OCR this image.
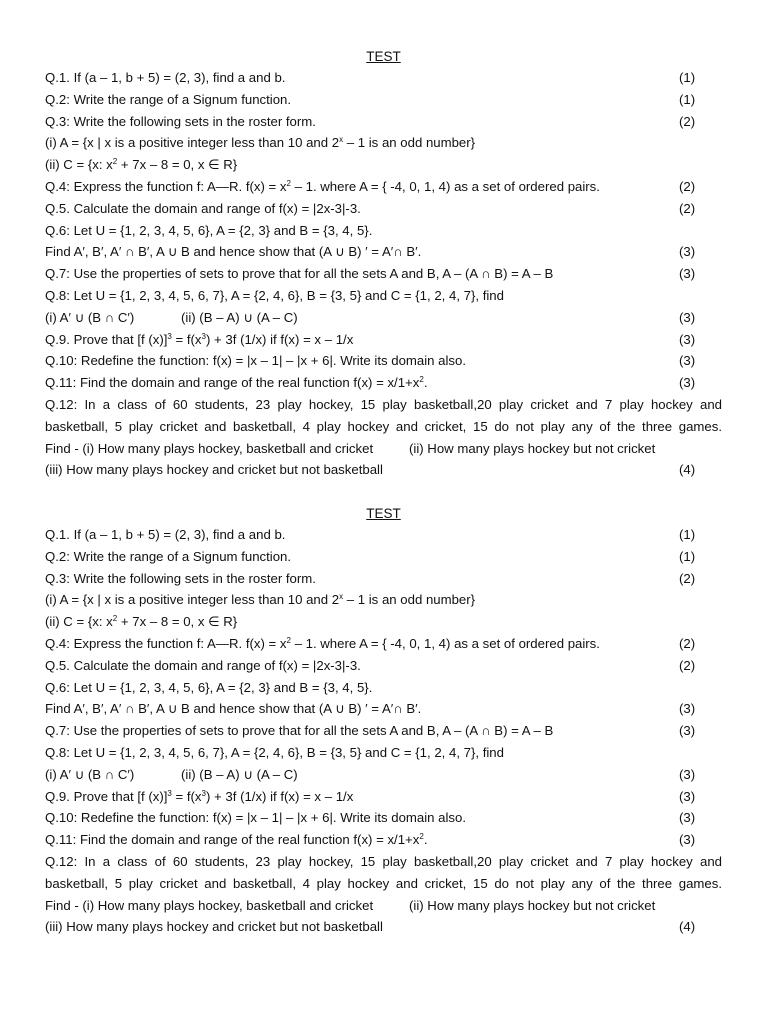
TEST
Q.1. If (a – 1, b + 5) = (2, 3), find a and b.	(1)
Q.2: Write the range of a Signum function.	(1)
Q.3: Write the following sets in the roster form.	(2)
(i) A = {x | x is a positive integer less than 10 and 2$^x$ – 1 is an odd number}
(ii) C = {x: $x^2 + 7x - 8 = 0$, x ∈ R}
Q.4: Express the function f: A—R. $f(x) = x^2 - 1$. where A = { -4, 0, 1, 4) as a set of ordered pairs.	(2)
Q.5. Calculate the domain and range of f(x) = |2x-3|-3.	(2)
Q.6: Let U = {1, 2, 3, 4, 5, 6}, A = {2, 3} and B = {3, 4, 5}.
Find A′, B′, A′ ∩ B′, A ∪ B and hence show that (A ∪ B) ′ = A′∩ B′.	(3)
Q.7: Use the properties of sets to prove that for all the sets A and B, A – (A ∩ B) = A – B	(3)
Q.8: Let U = {1, 2, 3, 4, 5, 6, 7}, A = {2, 4, 6}, B = {3, 5} and C = {1, 2, 4, 7}, find
(i) A′ ∪ (B ∩ C′)	(ii) (B – A) ∪ (A – C)	(3)
Q.9. Prove that [f $(x)]^3 = f(x^3) + 3f$ (1/x) if f(x) = x – 1/x	(3)
Q.10: Redefine the function: f(x) = |x – 1| – |x + 6|. Write its domain also.	(3)
Q.11: Find the domain and range of the real function $f(x) = x/1+x^2$.	(3)
Q.12: In a class of 60 students, 23 play hockey, 15 play basketball,20 play cricket and 7 play hockey and
basketball, 5 play cricket and basketball, 4 play hockey and cricket, 15 do not play any of the three games.
Find - (i) How many plays hockey, basketball and cricket	(ii) How many plays hockey but not cricket
(iii) How many plays hockey and cricket but not basketball	(4)
TEST
Q.1. If (a – 1, b + 5) = (2, 3), find a and b.	(1)
Q.2: Write the range of a Signum function.	(1)
Q.3: Write the following sets in the roster form.	(2)
(i) A = {x | x is a positive integer less than 10 and 2$^x$ – 1 is an odd number}
(ii) C = {x: $x^2 + 7x - 8 = 0$, x ∈ R}
Q.4: Express the function f: A—R. $f(x) = x^2 - 1$. where A = { -4, 0, 1, 4) as a set of ordered pairs.	(2)
Q.5. Calculate the domain and range of f(x) = |2x-3|-3.	(2)
Q.6: Let U = {1, 2, 3, 4, 5, 6}, A = {2, 3} and B = {3, 4, 5}.
Find A′, B′, A′ ∩ B′, A ∪ B and hence show that (A ∪ B) ′ = A′∩ B′.	(3)
Q.7: Use the properties of sets to prove that for all the sets A and B, A – (A ∩ B) = A – B	(3)
Q.8: Let U = {1, 2, 3, 4, 5, 6, 7}, A = {2, 4, 6}, B = {3, 5} and C = {1, 2, 4, 7}, find
(i) A′ ∪ (B ∩ C′)	(ii) (B – A) ∪ (A – C)	(3)
Q.9. Prove that [f $(x)]^3 = f(x^3) + 3f$ (1/x) if f(x) = x – 1/x	(3)
Q.10: Redefine the function: f(x) = |x – 1| – |x + 6|. Write its domain also.	(3)
Q.11: Find the domain and range of the real function $f(x) = x/1+x^2$.	(3)
Q.12: In a class of 60 students, 23 play hockey, 15 play basketball,20 play cricket and 7 play hockey and
basketball, 5 play cricket and basketball, 4 play hockey and cricket, 15 do not play any of the three games.
Find - (i) How many plays hockey, basketball and cricket	(ii) How many plays hockey but not cricket
(iii) How many plays hockey and cricket but not basketball	(4)
